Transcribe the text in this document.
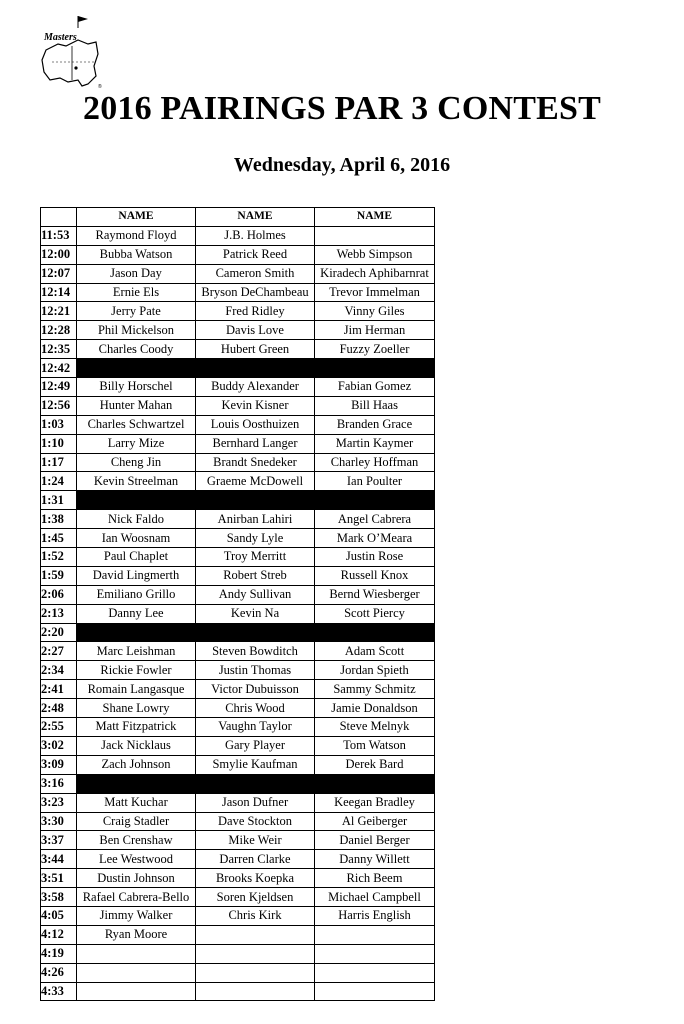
®
Masters
2016 PAIRINGS PAR 3 CONTEST
Wednesday, April 6, 2016
	NAME	NAME	NAME
11:53	Raymond Floyd	J.B. Holmes	
12:00	Bubba Watson	Patrick Reed	Webb Simpson
12:07	Jason Day	Cameron Smith	Kiradech Aphibarnrat
12:14	Ernie Els	Bryson DeChambeau	Trevor Immelman
12:21	Jerry Pate	Fred Ridley	Vinny Giles
12:28	Phil Mickelson	Davis Love	Jim Herman
12:35	Charles Coody	Hubert Green	Fuzzy Zoeller
12:42			
12:49	Billy Horschel	Buddy Alexander	Fabian Gomez
12:56	Hunter Mahan	Kevin Kisner	Bill Haas
1:03	Charles Schwartzel	Louis Oosthuizen	Branden Grace
1:10	Larry Mize	Bernhard Langer	Martin Kaymer
1:17	Cheng Jin	Brandt Snedeker	Charley Hoffman
1:24	Kevin Streelman	Graeme McDowell	Ian Poulter
1:31			
1:38	Nick Faldo	Anirban Lahiri	Angel Cabrera
1:45	Ian Woosnam	Sandy Lyle	Mark O’Meara
1:52	Paul Chaplet	Troy Merritt	Justin Rose
1:59	David Lingmerth	Robert Streb	Russell Knox
2:06	Emiliano Grillo	Andy Sullivan	Bernd Wiesberger
2:13	Danny Lee	Kevin Na	Scott Piercy
2:20			
2:27	Marc Leishman	Steven Bowditch	Adam Scott
2:34	Rickie Fowler	Justin Thomas	Jordan Spieth
2:41	Romain Langasque	Victor Dubuisson	Sammy Schmitz
2:48	Shane Lowry	Chris Wood	Jamie Donaldson
2:55	Matt Fitzpatrick	Vaughn Taylor	Steve Melnyk
3:02	Jack Nicklaus	Gary Player	Tom Watson
3:09	Zach Johnson	Smylie Kaufman	Derek Bard
3:16			
3:23	Matt Kuchar	Jason Dufner	Keegan Bradley
3:30	Craig Stadler	Dave Stockton	Al Geiberger
3:37	Ben Crenshaw	Mike Weir	Daniel Berger
3:44	Lee Westwood	Darren Clarke	Danny Willett
3:51	Dustin Johnson	Brooks Koepka	Rich Beem
3:58	Rafael Cabrera-Bello	Soren Kjeldsen	Michael Campbell
4:05	Jimmy Walker	Chris Kirk	Harris English
4:12	Ryan Moore		
4:19			
4:26			
4:33			
